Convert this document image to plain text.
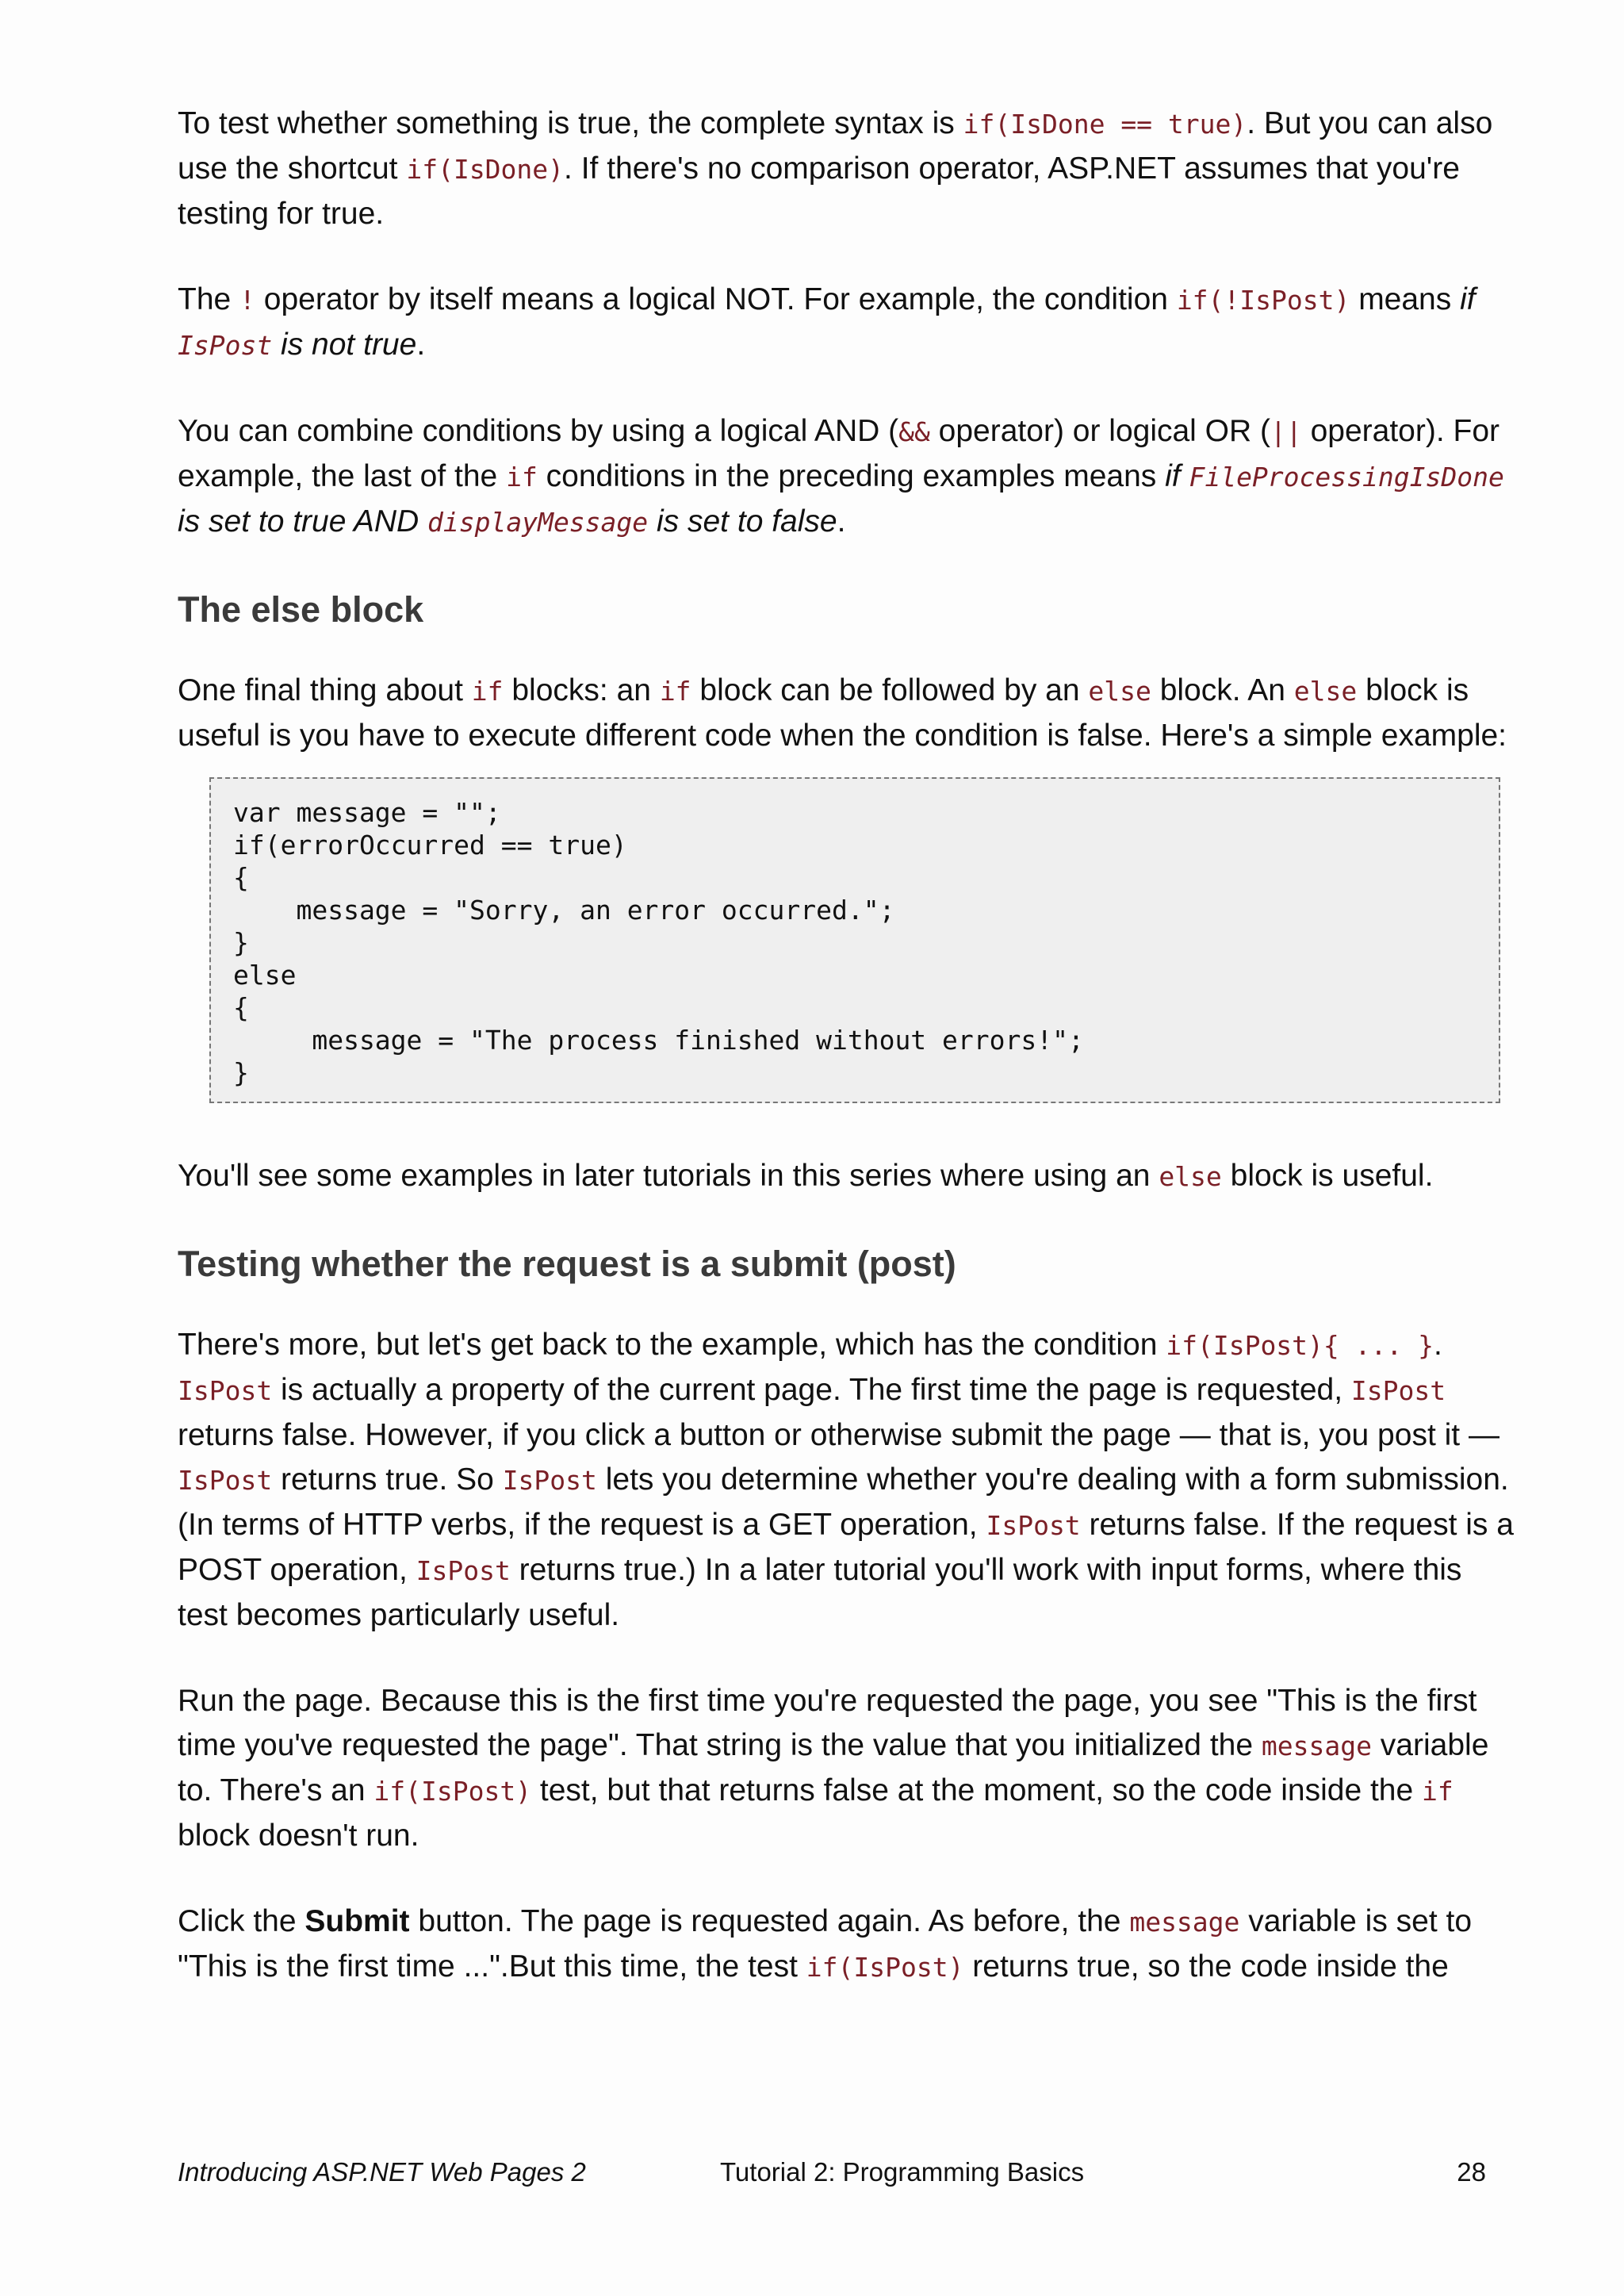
To test whether something is true, the complete syntax is if(IsDone == true). But you can also use the shortcut if(IsDone). If there's no comparison operator, ASP.NET assumes that you're testing for true.

The ! operator by itself means a logical NOT. For example, the condition if(!IsPost) means if IsPost is not true.

You can combine conditions by using a logical AND (&& operator) or logical OR (|| operator). For example, the last of the if conditions in the preceding examples means if FileProcessingIsDone is set to true AND displayMessage is set to false.

The else block

One final thing about if blocks: an if block can be followed by an else block. An else block is useful is you have to execute different code when the condition is false. Here's a simple example:

var message = "";
if(errorOccurred == true)
{
message = "Sorry, an error occurred.";
}
else
{
message = "The process finished without errors!";
}

You'll see some examples in later tutorials in this series where using an else block is useful.

Testing whether the request is a submit (post)

There's more, but let's get back to the example, which has the condition if(IsPost){ ... }. IsPost is actually a property of the current page. The first time the page is requested, IsPost returns false. However, if you click a button or otherwise submit the page — that is, you post it — IsPost returns true. So IsPost lets you determine whether you're dealing with a form submission. (In terms of HTTP verbs, if the request is a GET operation, IsPost returns false. If the request is a POST operation, IsPost returns true.) In a later tutorial you'll work with input forms, where this test becomes particularly useful.

Run the page. Because this is the first time you're requested the page, you see "This is the first time you've requested the page". That string is the value that you initialized the message variable to. There's an if(IsPost) test, but that returns false at the moment, so the code inside the if block doesn't run.

Click the Submit button. The page is requested again. As before, the message variable is set to "This is the first time ...".But this time, the test if(IsPost) returns true, so the code inside the

Introducing ASP.NET Web Pages 2	Tutorial 2: Programming Basics	28
